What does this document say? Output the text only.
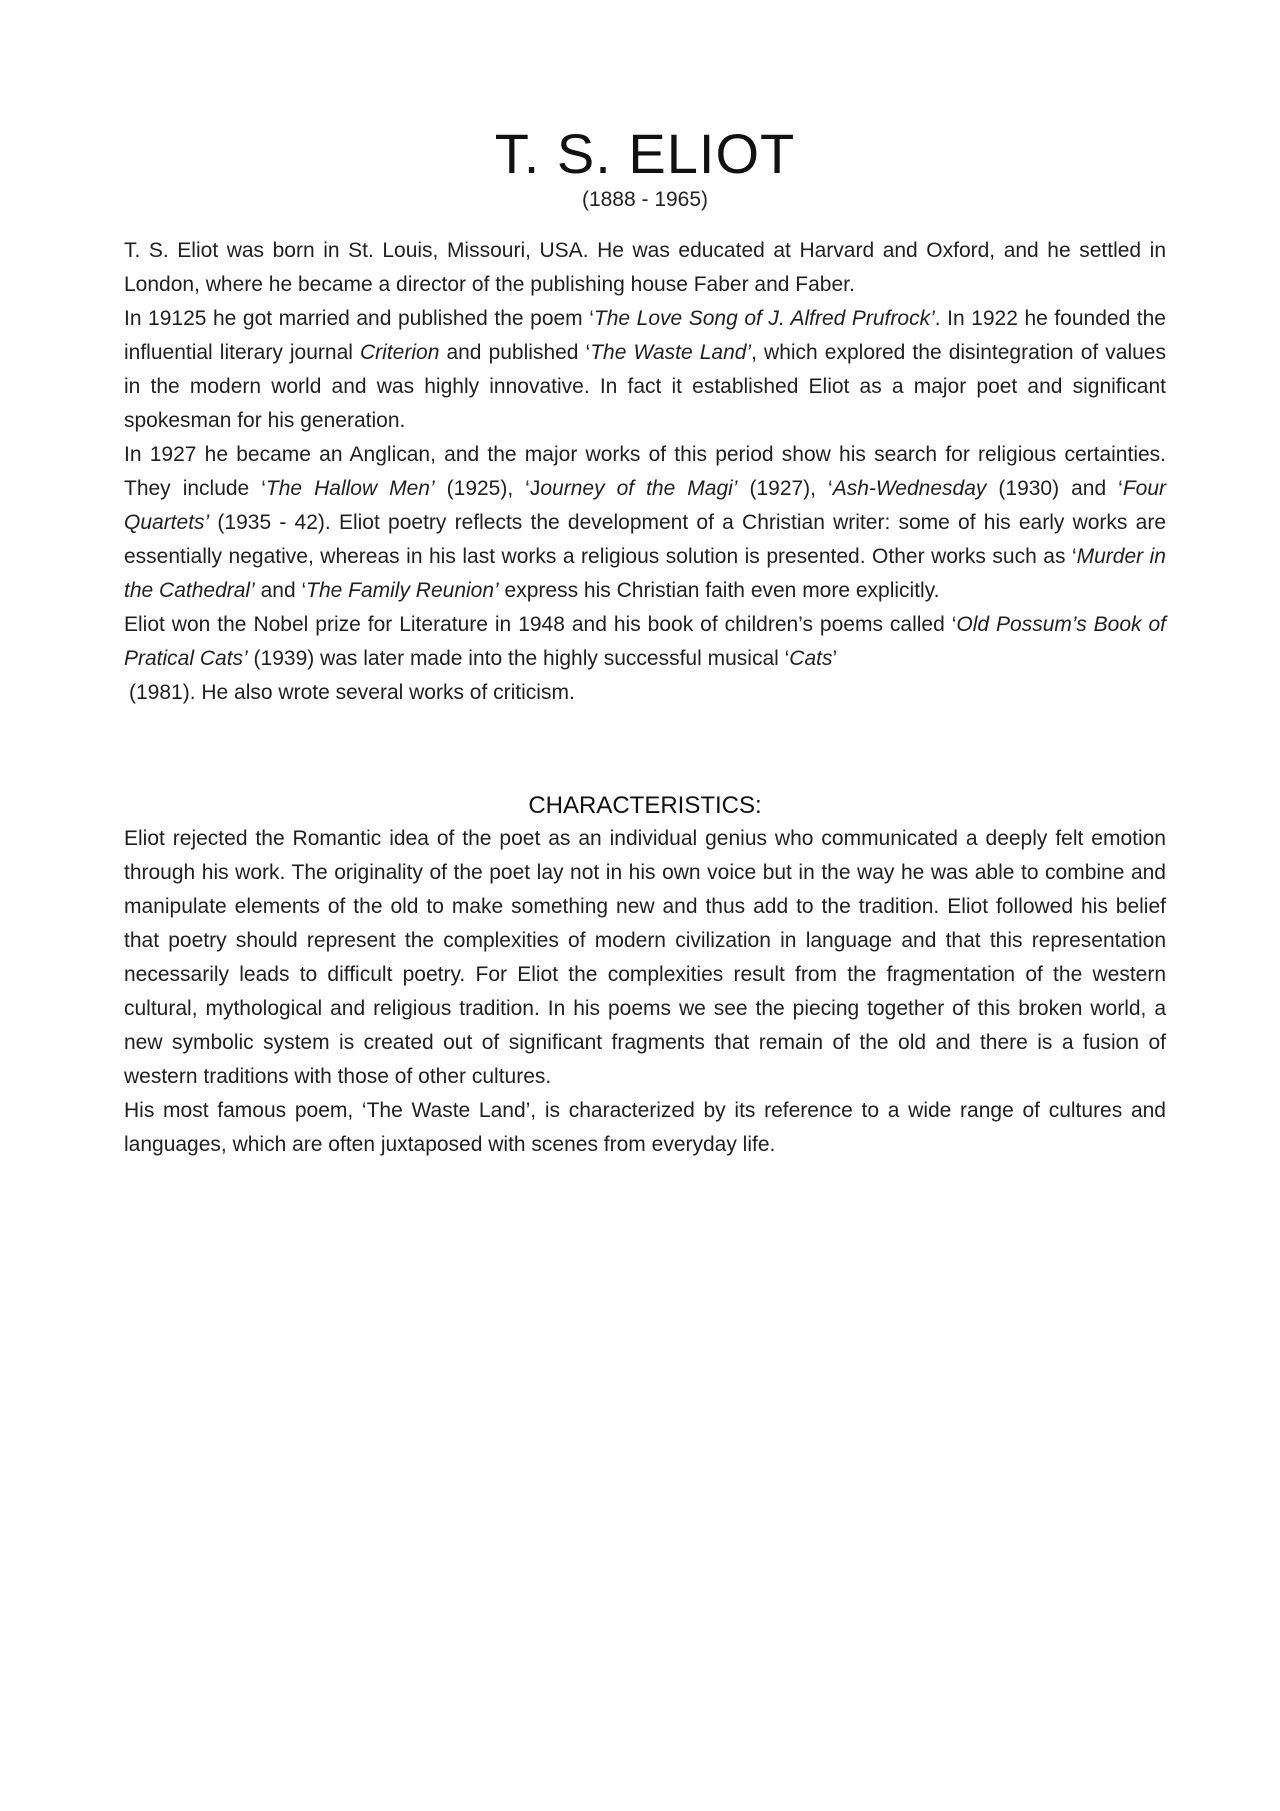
T. S. ELIOT

(1888 - 1965)

T. S. Eliot was born in St. Louis, Missouri, USA. He was educated at Harvard and Oxford, and he settled in London, where he became a director of the publishing house Faber and Faber.

In 19125 he got married and published the poem ‘The Love Song of J. Alfred Prufrock’. In 1922 he founded the influential literary journal Criterion and published ‘The Waste Land’, which explored the disintegration of values in the modern world and was highly innovative. In fact it established Eliot as a major poet and significant spokesman for his generation.

In 1927 he became an Anglican, and the major works of this period show his search for religious certainties. They include ‘The Hallow Men’ (1925), ‘Journey of the Magi’ (1927), ‘Ash-Wednesday (1930) and ‘Four Quartets’ (1935 - 42). Eliot poetry reflects the development of a Christian writer: some of his early works are essentially negative, whereas in his last works a religious solution is presented. Other works such as ‘Murder in the Cathedral’ and ‘The Family Reunion’ express his Christian faith even more explicitly.

Eliot won the Nobel prize for Literature in 1948 and his book of children’s poems called ‘Old Possum’s Book of Pratical Cats’ (1939) was later made into the highly successful musical ‘Cats’

(1981). He also wrote several works of criticism.

CHARACTERISTICS:

Eliot rejected the Romantic idea of the poet as an individual genius who communicated a deeply felt emotion through his work. The originality of the poet lay not in his own voice but in the way he was able to combine and manipulate elements of the old to make something new and thus add to the tradition. Eliot followed his belief that poetry should represent the complexities of modern civilization in language and that this representation necessarily leads to difficult poetry. For Eliot the complexities result from the fragmentation of the western cultural, mythological and religious tradition. In his poems we see the piecing together of this broken world, a new symbolic system is created out of significant fragments that remain of the old and there is a fusion of western traditions with those of other cultures.

His most famous poem, ‘The Waste Land’, is characterized by its reference to a wide range of cultures and languages, which are often juxtaposed with scenes from everyday life.
